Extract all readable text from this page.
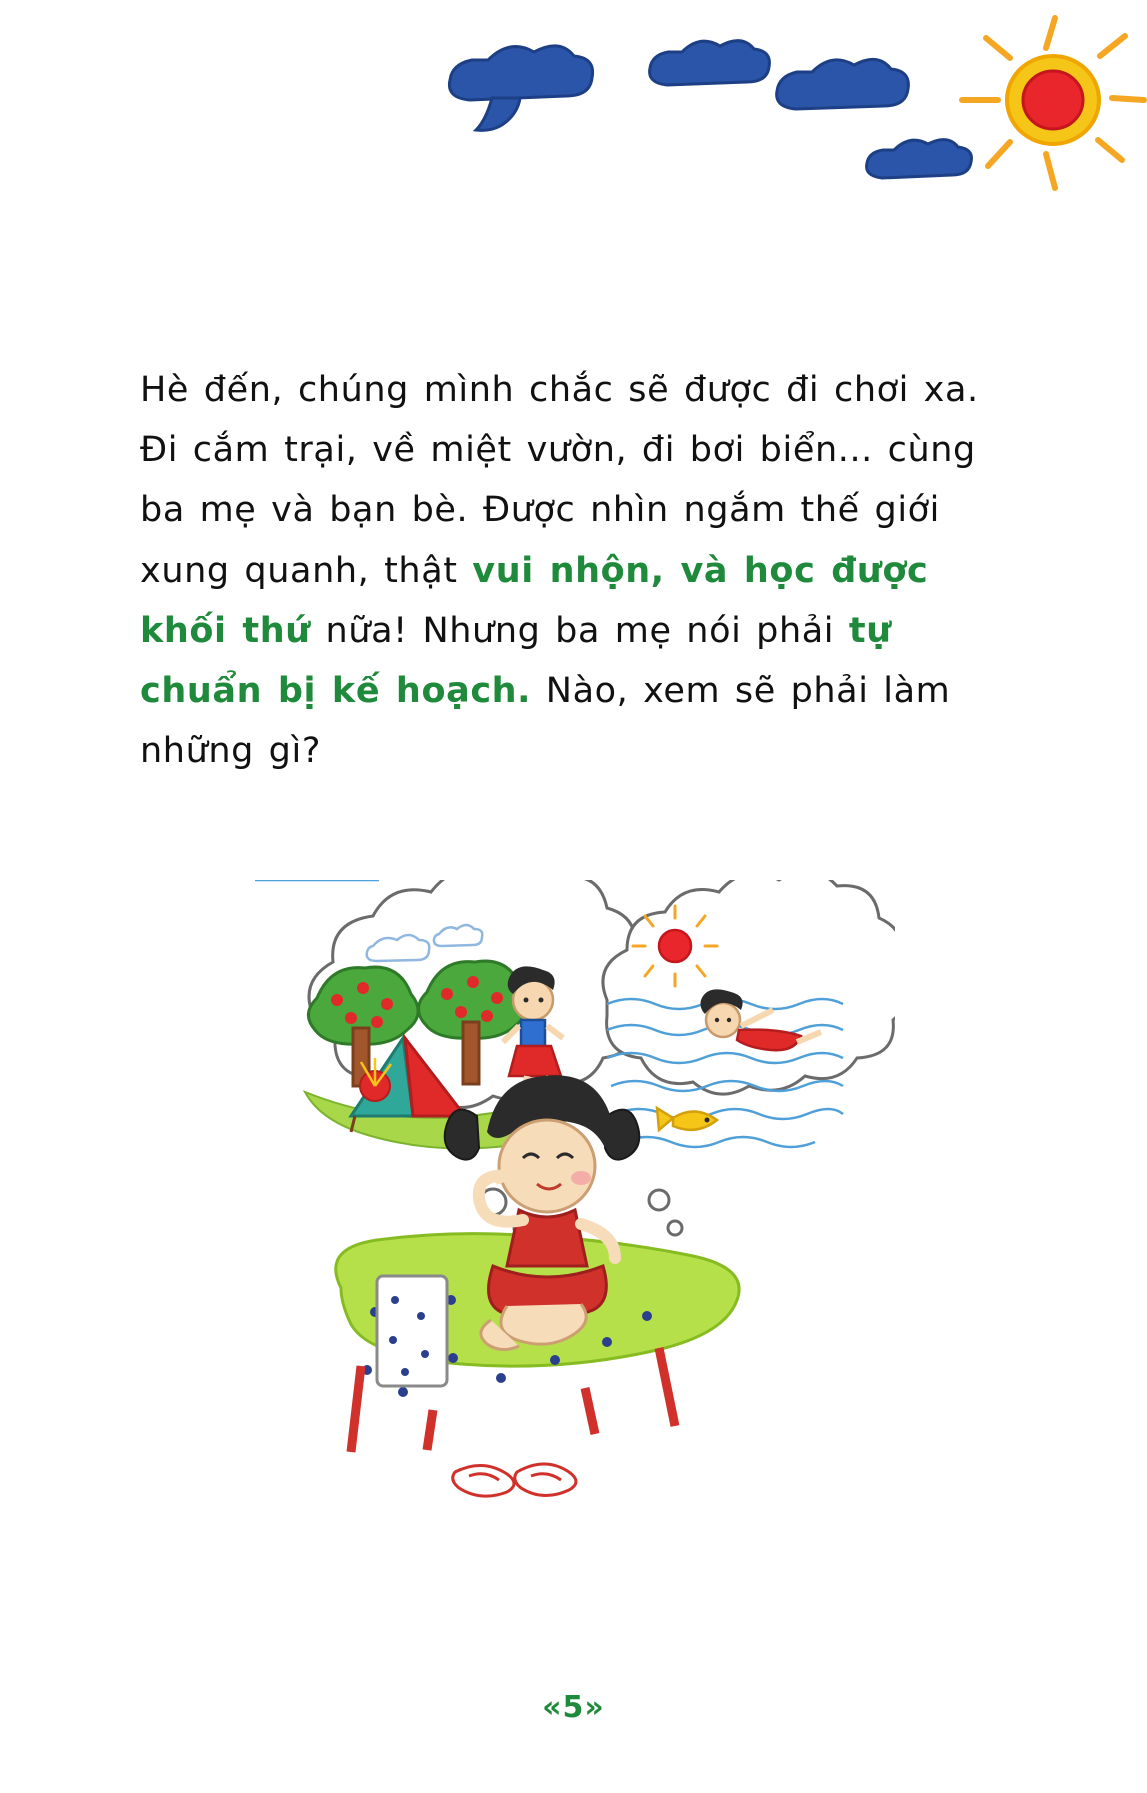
Hè đến, chúng mình chắc sẽ được đi chơi xa. Đi cắm trại, về miệt vườn, đi bơi biển... cùng ba mẹ và bạn bè. Được nhìn ngắm thế giới xung quanh, thật vui nhộn, và học được khối thứ nữa! Nhưng ba mẹ nói phải tự chuẩn bị kế hoạch. Nào, xem sẽ phải làm những gì?

«5»
